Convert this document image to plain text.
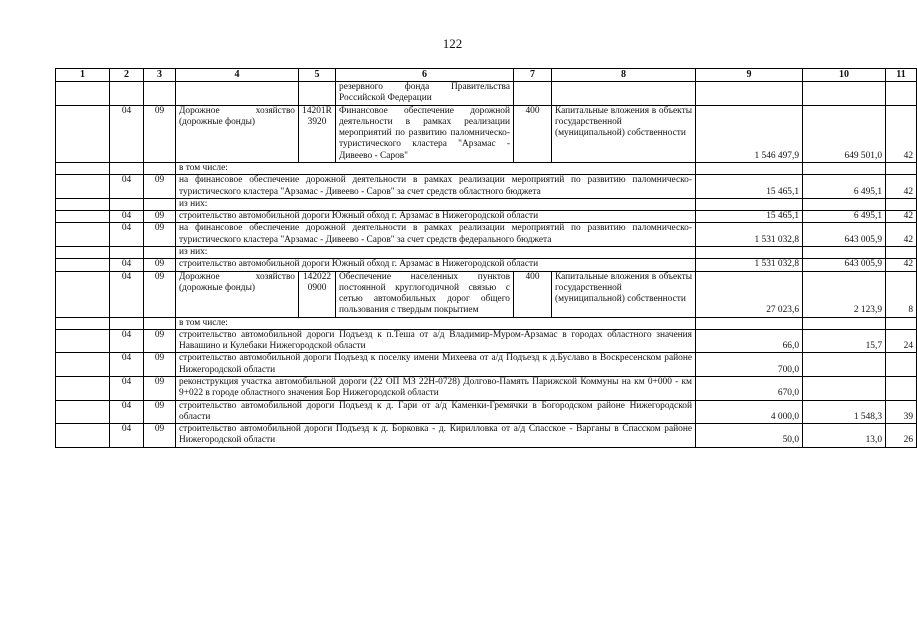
122
1	2	3	4	5	6	7	8	9	10	11
					резервного фонда Правительства Российской Федерации					
	04	09	Дорожное хозяйство (дорожные фонды)	14201R 3920	Финансовое обеспечение дорожной деятельности в рамках реализации мероприятий по развитию паломническо-туристического кластера "Арзамас - Дивеево - Саров"	400	Капитальные вложения в объекты государственной (муниципальной) собственности	1 546 497,9	649 501,0	42
			в том числе:							
	04	09	на финансовое обеспечение дорожной деятельности в рамках реализации мероприятий по развитию паломническо-туристического кластера "Арзамас - Дивеево - Саров" за счет средств областного бюджета					15 465,1	6 495,1	42
			из них:							
	04	09	строительство автомобильной дороги Южный обход г. Арзамас в Нижегородской области					15 465,1	6 495,1	42
	04	09	на финансовое обеспечение дорожной деятельности в рамках реализации мероприятий по развитию паломническо-туристического кластера "Арзамас - Дивеево - Саров" за счет средств федерального бюджета					1 531 032,8	643 005,9	42
			из них:							
	04	09	строительство автомобильной дороги Южный обход г. Арзамас в Нижегородской области					1 531 032,8	643 005,9	42
	04	09	Дорожное хозяйство (дорожные фонды)	142022 0900	Обеспечение населенных пунктов постоянной круглогодичной связью с сетью автомобильных дорог общего пользования с твердым покрытием	400	Капитальные вложения в объекты государственной (муниципальной) собственности	27 023,6	2 123,9	8
			в том числе:							
	04	09	строительство автомобильной дороги Подъезд к п.Теша от а/д Владимир-Муром-Арзамас в городах областного значения Навашино и Кулебаки Нижегородской области					66,0	15,7	24
	04	09	строительство автомобильной дороги Подъезд к поселку имени Михеева от а/д Подъезд к д.Буславо в Воскресенском районе Нижегородской области					700,0		
	04	09	реконструкция участка автомобильной дороги (22 ОП МЗ 22Н-0728) Долгово-Память Парижской Коммуны на км 0+000 - км 9+022 в городе областного значения Бор Нижегородской области					670,0		
	04	09	строительство автомобильной дороги Подъезд к д. Гари от а/д Каменки-Гремячки в Богородском районе Нижегородской области					4 000,0	1 548,3	39
	04	09	строительство автомобильной дороги Подъезд к д. Борковка - д. Кирилловка от а/д Спасское - Варганы в Спасском районе Нижегородской области					50,0	13,0	26
